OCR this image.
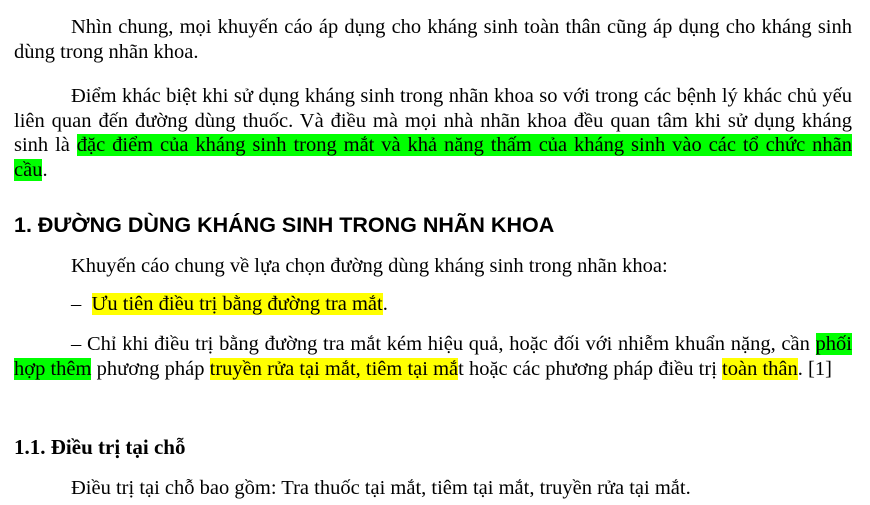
Nhìn chung, mọi khuyến cáo áp dụng cho kháng sinh toàn thân cũng áp dụng cho kháng sinh dùng trong nhãn khoa.

Điểm khác biệt khi sử dụng kháng sinh trong nhãn khoa so với trong các bệnh lý khác chủ yếu liên quan đến đường dùng thuốc. Và điều mà mọi nhà nhãn khoa đều quan tâm khi sử dụng kháng sinh là đặc điểm của kháng sinh trong mắt và khả năng thấm của kháng sinh vào các tổ chức nhãn cầu.

1. ĐƯỜNG DÙNG KHÁNG SINH TRONG NHÃN KHOA

Khuyến cáo chung về lựa chọn đường dùng kháng sinh trong nhãn khoa:

– Ưu tiên điều trị bằng đường tra mắt.

– Chỉ khi điều trị bằng đường tra mắt kém hiệu quả, hoặc đối với nhiễm khuẩn nặng, cần phối hợp thêm phương pháp truyền rửa tại mắt, tiêm tại mắt hoặc các phương pháp điều trị toàn thân. [1]

1.1. Điều trị tại chỗ

Điều trị tại chỗ bao gồm: Tra thuốc tại mắt, tiêm tại mắt, truyền rửa tại mắt.
